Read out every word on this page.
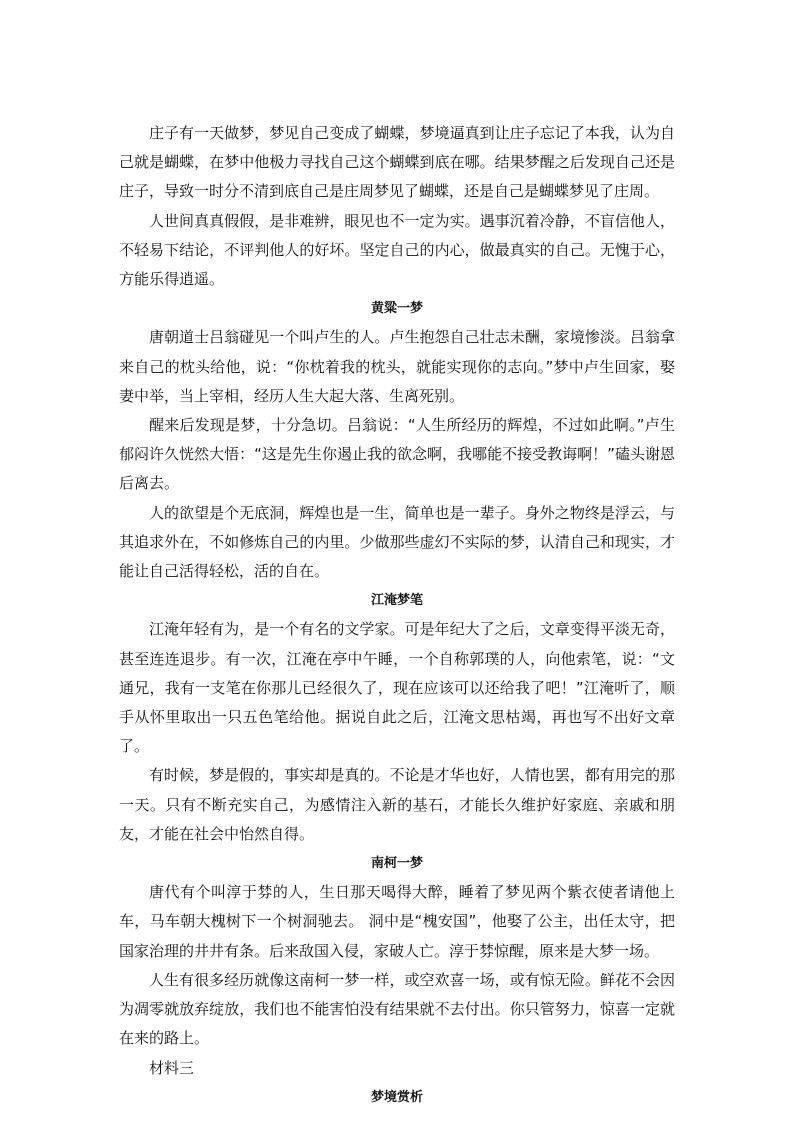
庄子有一天做梦，梦见自己变成了蝴蝶，梦境逼真到让庄子忘记了本我，认为自己就是蝴蝶，在梦中他极力寻找自己这个蝴蝶到底在哪。结果梦醒之后发现自己还是庄子，导致一时分不清到底自己是庄周梦见了蝴蝶，还是自己是蝴蝶梦见了庄周。

人世间真真假假，是非难辨，眼见也不一定为实。遇事沉着冷静，不盲信他人，不轻易下结论，不评判他人的好坏。坚定自己的内心，做最真实的自己。无愧于心，方能乐得逍遥。

黄粱一梦

唐朝道士吕翁碰见一个叫卢生的人。卢生抱怨自己壮志未酬，家境惨淡。吕翁拿来自己的枕头给他，说：“你枕着我的枕头，就能实现你的志向。”梦中卢生回家，娶妻中举，当上宰相，经历人生大起大落、生离死别。

醒来后发现是梦，十分急切。吕翁说：“人生所经历的辉煌，不过如此啊。”卢生郁闷许久恍然大悟：“这是先生你遏止我的欲念啊，我哪能不接受教诲啊！”磕头谢恩后离去。

人的欲望是个无底洞，辉煌也是一生，简单也是一辈子。身外之物终是浮云，与其追求外在，不如修炼自己的内里。少做那些虚幻不实际的梦，认清自己和现实，才能让自己活得轻松，活的自在。

江淹梦笔

江淹年轻有为，是一个有名的文学家。可是年纪大了之后，文章变得平淡无奇，甚至连连退步。有一次，江淹在亭中午睡，一个自称郭璞的人，向他索笔，说：“文通兄，我有一支笔在你那儿已经很久了，现在应该可以还给我了吧！”江淹听了，顺手从怀里取出一只五色笔给他。据说自此之后，江淹文思枯竭，再也写不出好文章了。

有时候，梦是假的，事实却是真的。不论是才华也好，人情也罢，都有用完的那一天。只有不断充实自己，为感情注入新的基石，才能长久维护好家庭、亲戚和朋友，才能在社会中怡然自得。

南柯一梦

唐代有个叫淳于棼的人，生日那天喝得大醉，睡着了梦见两个紫衣使者请他上车，马车朝大槐树下一个树洞驰去。 洞中是“槐安国”，他娶了公主，出任太守，把国家治理的井井有条。后来敌国入侵，家破人亡。淳于棼惊醒，原来是大梦一场。

人生有很多经历就像这南柯一梦一样，或空欢喜一场，或有惊无险。鲜花不会因为凋零就放弃绽放，我们也不能害怕没有结果就不去付出。你只管努力，惊喜一定就在来的路上。

材料三

梦境赏析
